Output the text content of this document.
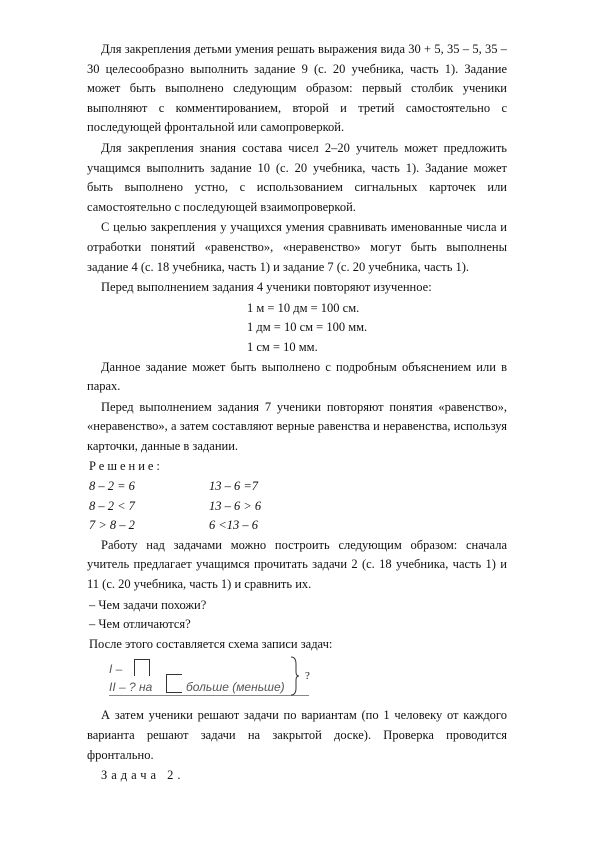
Для закрепления детьми умения решать выражения вида 30 + 5, 35 – 5, 35 – 30 целесообразно выполнить задание 9 (с. 20 учебника, часть 1). Задание может быть выполнено следующим образом: первый столбик ученики выполняют с комментированием, второй и третий самостоятельно с последующей фронтальной или самопроверкой.

Для закрепления знания состава чисел 2–20 учитель может предложить учащимся выполнить задание 10 (с. 20 учебника, часть 1). Задание может быть выполнено устно, с использованием сигнальных карточек или самостоятельно с последующей взаимопроверкой.

С целью закрепления у учащихся умения сравнивать именованные числа и отработки понятий «равенство», «неравенство» могут быть выполнены задание 4 (с. 18 учебника, часть 1) и задание 7 (с. 20 учебника, часть 1).

Перед выполнением задания 4 ученики повторяют изученное:

1 м = 10 дм = 100 см.

1 дм = 10 см = 100 мм.

1 см = 10 мм.

Данное задание может быть выполнено с подробным объяснением или в парах.

Перед выполнением задания 7 ученики повторяют понятия «равенство», «неравенство», а затем составляют верные равенства и неравенства, используя карточки, данные в задании.

Решение:

8 – 2 = 6	13 – 6 =7
8 – 2 < 7	13 – 6 > 6
7 > 8 – 2	6 <13 – 6

Работу над задачами можно построить следующим образом: сначала учитель предлагает учащимся прочитать задачи 2 (с. 18 учебника, часть 1) и 11 (с. 20 учебника, часть 1) и сравнить их.

– Чем задачи похожи?

– Чем отличаются?

После этого составляется схема записи задач:

I –
II – ? на	больше (меньше)
?

А затем ученики решают задачи по вариантам (по 1 человеку от каждого варианта решают задачи на закрытой доске). Проверка проводится фронтально.

Задача 2.
